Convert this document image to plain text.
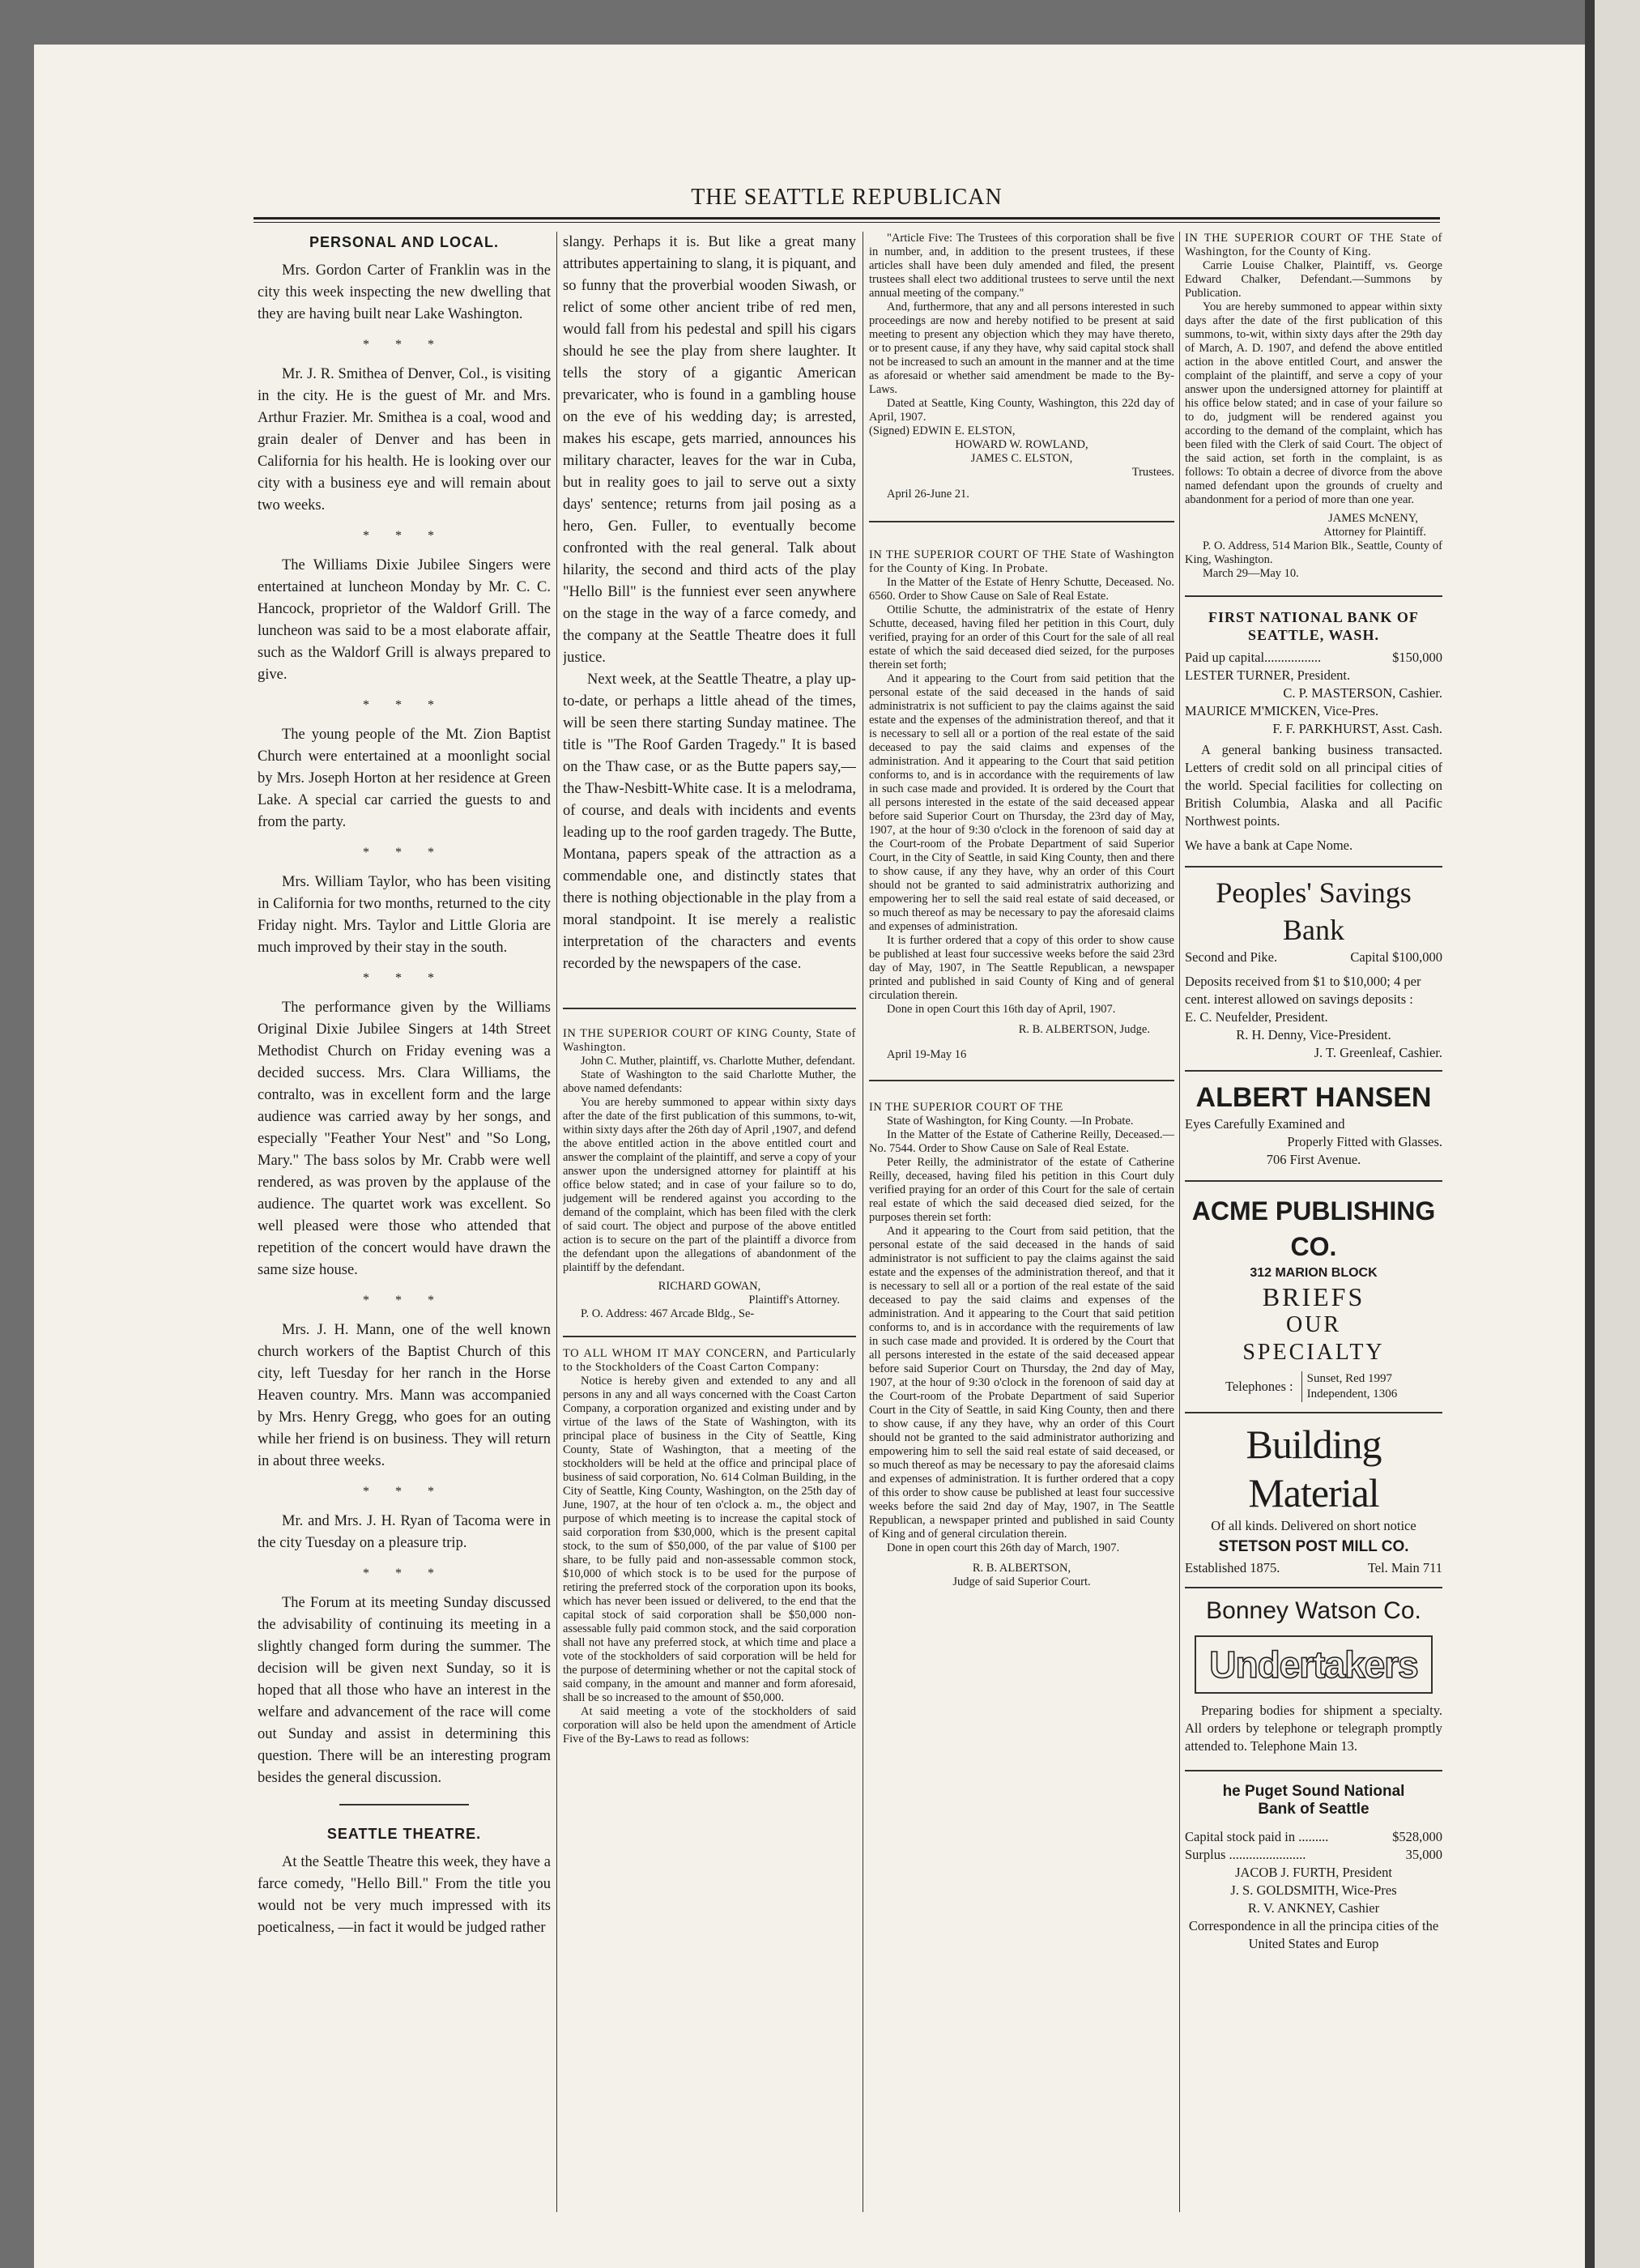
THE SEATTLE REPUBLICAN
PERSONAL AND LOCAL.

Mrs. Gordon Carter of Franklin was in the city this week inspecting the new dwelling that they are having built near Lake Washington.

* * *

Mr. J. R. Smithea of Denver, Col., is visiting in the city. He is the guest of Mr. and Mrs. Arthur Frazier. Mr. Smithea is a coal, wood and grain dealer of Denver and has been in California for his health. He is looking over our city with a business eye and will remain about two weeks.

* * *

The Williams Dixie Jubilee Singers were entertained at luncheon Monday by Mr. C. C. Hancock, proprietor of the Waldorf Grill. The luncheon was said to be a most elaborate affair, such as the Waldorf Grill is always prepared to give.

* * *

The young people of the Mt. Zion Baptist Church were entertained at a moonlight social by Mrs. Joseph Horton at her residence at Green Lake. A special car carried the guests to and from the party.

* * *

Mrs. William Taylor, who has been visiting in California for two months, returned to the city Friday night. Mrs. Taylor and Little Gloria are much improved by their stay in the south.

* * *

The performance given by the Williams Original Dixie Jubilee Singers at 14th Street Methodist Church on Friday evening was a decided success. Mrs. Clara Williams, the contralto, was in excellent form and the large audience was carried away by her songs, and especially "Feather Your Nest" and "So Long, Mary." The bass solos by Mr. Crabb were well rendered, as was proven by the applause of the audience. The quartet work was excellent. So well pleased were those who attended that repetition of the concert would have drawn the same size house.

* * *

Mrs. J. H. Mann, one of the well known church workers of the Baptist Church of this city, left Tuesday for her ranch in the Horse Heaven country. Mrs. Mann was accompanied by Mrs. Henry Gregg, who goes for an outing while her friend is on business. They will return in about three weeks.

* * *

Mr. and Mrs. J. H. Ryan of Tacoma were in the city Tuesday on a pleasure trip.

* * *

The Forum at its meeting Sunday discussed the advisability of continuing its meeting in a slightly changed form during the summer. The decision will be given next Sunday, so it is hoped that all those who have an interest in the welfare and advancement of the race will come out Sunday and assist in determining this question. There will be an interesting program besides the general discussion.

SEATTLE THEATRE.

At the Seattle Theatre this week, they have a farce comedy, "Hello Bill." From the title you would not be very much impressed with its poeticalness, —in fact it would be judged rather

slangy. Perhaps it is. But like a great many attributes appertaining to slang, it is piquant, and so funny that the proverbial wooden Siwash, or relict of some other ancient tribe of red men, would fall from his pedestal and spill his cigars should he see the play from shere laughter. It tells the story of a gigantic American prevaricater, who is found in a gambling house on the eve of his wedding day; is arrested, makes his escape, gets married, announces his military character, leaves for the war in Cuba, but in reality goes to jail to serve out a sixty days' sentence; returns from jail posing as a hero, Gen. Fuller, to eventually become confronted with the real general. Talk about hilarity, the second and third acts of the play "Hello Bill" is the funniest ever seen anywhere on the stage in the way of a farce comedy, and the company at the Seattle Theatre does it full justice.

Next week, at the Seattle Theatre, a play up-to-date, or perhaps a little ahead of the times, will be seen there starting Sunday matinee. The title is "The Roof Garden Tragedy." It is based on the Thaw case, or as the Butte papers say,—the Thaw-Nesbitt-White case. It is a melodrama, of course, and deals with incidents and events leading up to the roof garden tragedy. The Butte, Montana, papers speak of the attraction as a commendable one, and distinctly states that there is nothing objectionable in the play from a moral standpoint. It ise merely a realistic interpretation of the characters and events recorded by the newspapers of the case.

IN THE SUPERIOR COURT OF KING County, State of Washington.

John C. Muther, plaintiff, vs. Charlotte Muther, defendant.

State of Washington to the said Charlotte Muther, the above named defendants:

You are hereby summoned to appear within sixty days after the date of the first publication of this summons, to-wit, within sixty days after the 26th day of April ,1907, and defend the above entitled action in the above entitled court and answer the complaint of the plaintiff, and serve a copy of your answer upon the undersigned attorney for plaintiff at his office below stated; and in case of your failure so to do, judgement will be rendered against you according to the demand of the complaint, which has been filed with the clerk of said court. The object and purpose of the above entitled action is to secure on the part of the plaintiff a divorce from the defendant upon the allegations of abandonment of the plaintiff by the defendant.

RICHARD GOWAN,

Plaintiff's Attorney.

P. O. Address: 467 Arcade Bldg., Se-

TO ALL WHOM IT MAY CONCERN, and Particularly to the Stockholders of the Coast Carton Company:

Notice is hereby given and extended to any and all persons in any and all ways concerned with the Coast Carton Company, a corporation organized and existing under and by virtue of the laws of the State of Washington, with its principal place of business in the City of Seattle, King County, State of Washington, that a meeting of the stockholders will be held at the office and principal place of business of said corporation, No. 614 Colman Building, in the City of Seattle, King County, Washington, on the 25th day of June, 1907, at the hour of ten o'clock a. m., the object and purpose of which meeting is to increase the capital stock of said corporation from $30,000, which is the present capital stock, to the sum of $50,000, of the par value of $100 per share, to be fully paid and non-assessable common stock, $10,000 of which stock is to be used for the purpose of retiring the preferred stock of the corporation upon its books, which has never been issued or delivered, to the end that the capital stock of said corporation shall be $50,000 non-assessable fully paid common stock, and the said corporation shall not have any preferred stock, at which time and place a vote of the stockholders of said corporation will be held for the purpose of determining whether or not the capital stock of said company, in the amount and manner and form aforesaid, shall be so increased to the amount of $50,000.

At said meeting a vote of the stockholders of said corporation will also be held upon the amendment of Article Five of the By-Laws to read as follows:

"Article Five: The Trustees of this corporation shall be five in number, and, in addition to the present trustees, if these articles shall have been duly amended and filed, the present trustees shall elect two additional trustees to serve until the next annual meeting of the company."

And, furthermore, that any and all persons interested in such proceedings are now and hereby notified to be present at said meeting to present any objection which they may have thereto, or to present cause, if any they have, why said capital stock shall not be increased to such an amount in the manner and at the time as aforesaid or whether said amendment be made to the By-Laws.

Dated at Seattle, King County, Washington, this 22d day of April, 1907.

(Signed) EDWIN E. ELSTON,

HOWARD W. ROWLAND,

JAMES C. ELSTON,

Trustees.

April 26-June 21.

IN THE SUPERIOR COURT OF THE State of Washington for the County of King. In Probate.

In the Matter of the Estate of Henry Schutte, Deceased. No. 6560. Order to Show Cause on Sale of Real Estate.

Ottilie Schutte, the administratrix of the estate of Henry Schutte, deceased, having filed her petition in this Court, duly verified, praying for an order of this Court for the sale of all real estate of which the said deceased died seized, for the purposes therein set forth;

And it appearing to the Court from said petition that the personal estate of the said deceased in the hands of said administratrix is not sufficient to pay the claims against the said estate and the expenses of the administration thereof, and that it is necessary to sell all or a portion of the real estate of the said deceased to pay the said claims and expenses of the administration. And it appearing to the Court that said petition conforms to, and is in accordance with the requirements of law in such case made and provided. It is ordered by the Court that all persons interested in the estate of the said deceased appear before said Superior Court on Thursday, the 23rd day of May, 1907, at the hour of 9:30 o'clock in the forenoon of said day at the Court-room of the Probate Department of said Superior Court, in the City of Seattle, in said King County, then and there to show cause, if any they have, why an order of this Court should not be granted to said administratrix authorizing and empowering her to sell the said real estate of said deceased, or so much thereof as may be necessary to pay the aforesaid claims and expenses of administration.

It is further ordered that a copy of this order to show cause be published at least four successive weeks before the said 23rd day of May, 1907, in The Seattle Republican, a newspaper printed and published in said County of King and of general circulation therein.

Done in open Court this 16th day of April, 1907.

R. B. ALBERTSON, Judge.

April 19-May 16

IN THE SUPERIOR COURT OF THE

State of Washington, for King County. —In Probate.

In the Matter of the Estate of Catherine Reilly, Deceased.—No. 7544. Order to Show Cause on Sale of Real Estate.

Peter Reilly, the administrator of the estate of Catherine Reilly, deceased, having filed his petition in this Court duly verified praying for an order of this Court for the sale of certain real estate of which the said deceased died seized, for the purposes therein set forth:

And it appearing to the Court from said petition, that the personal estate of the said deceased in the hands of said administrator is not sufficient to pay the claims against the said estate and the expenses of the administration thereof, and that it is necessary to sell all or a portion of the real estate of the said deceased to pay the said claims and expenses of the administration. And it appearing to the Court that said petition conforms to, and is in accordance with the requirements of law in such case made and provided. It is ordered by the Court that all persons interested in the estate of the said deceased appear before said Superior Court on Thursday, the 2nd day of May, 1907, at the hour of 9:30 o'clock in the forenoon of said day at the Court-room of the Probate Department of said Superior Court in the City of Seattle, in said King County, then and there to show cause, if any they have, why an order of this Court should not be granted to the said administrator authorizing and empowering him to sell the said real estate of said deceased, or so much thereof as may be necessary to pay the aforesaid claims and expenses of administration. It is further ordered that a copy of this order to show cause be published at least four successive weeks before the said 2nd day of May, 1907, in The Seattle Republican, a newspaper printed and published in said County of King and of general circulation therein.

Done in open court this 26th day of March, 1907.

R. B. ALBERTSON,

Judge of said Superior Court.

IN THE SUPERIOR COURT OF THE State of Washington, for the County of King.

Carrie Louise Chalker, Plaintiff, vs. George Edward Chalker, Defendant.—Summons by Publication.

You are hereby summoned to appear within sixty days after the date of the first publication of this summons, to-wit, within sixty days after the 29th day of March, A. D. 1907, and defend the above entitled action in the above entitled Court, and answer the complaint of the plaintiff, and serve a copy of your answer upon the undersigned attorney for plaintiff at his office below stated; and in case of your failure so to do, judgment will be rendered against you according to the demand of the complaint, which has been filed with the Clerk of said Court. The object of the said action, set forth in the complaint, is as follows: To obtain a decree of divorce from the above named defendant upon the grounds of cruelty and abandonment for a period of more than one year.

JAMES McNENY,

Attorney for Plaintiff.

P. O. Address, 514 Marion Blk., Seattle, County of King, Washington.

March 29—May 10.

FIRST NATIONAL BANK OF SEATTLE, WASH.
Paid up capital.................	$150,000
LESTER TURNER, President.
C. P. MASTERSON, Cashier.
MAURICE M'MICKEN, Vice-Pres.
F. F. PARKHURST, Asst. Cash.
A general banking business transacted. Letters of credit sold on all principal cities of the world. Special facilities for collecting on British Columbia, Alaska and all Pacific Northwest points.
We have a bank at Cape Nome.
Peoples' Savings Bank
Second and Pike.	Capital $100,000
Deposits received from $1 to $10,000; 4 per cent. interest allowed on savings deposits :
E. C. Neufelder, President.
R. H. Denny, Vice-President.
J. T. Greenleaf, Cashier.
ALBERT HANSEN
Eyes Carefully Examined and
Properly Fitted with Glasses.
706 First Avenue.
ACME PUBLISHING CO.
312 MARION BLOCK
BRIEFS
OUR
SPECIALTY
Telephones : Sunset, Red 1997
Independent, 1306
Building Material
Of all kinds. Delivered on short notice
STETSON POST MILL CO.
Established 1875.	Tel. Main 711
Bonney Watson Co.
Undertakers
Preparing bodies for shipment a specialty. All orders by telephone or telegraph promptly attended to. Telephone Main 13.
he Puget Sound National
Bank of Seattle
Capital stock paid in .........	$528,000
Surplus .......................	35,000
JACOB J. FURTH, President
J. S. GOLDSMITH, Wice-Pres
R. V. ANKNEY, Cashier
Correspondence in all the principa cities of the United States and Europ
